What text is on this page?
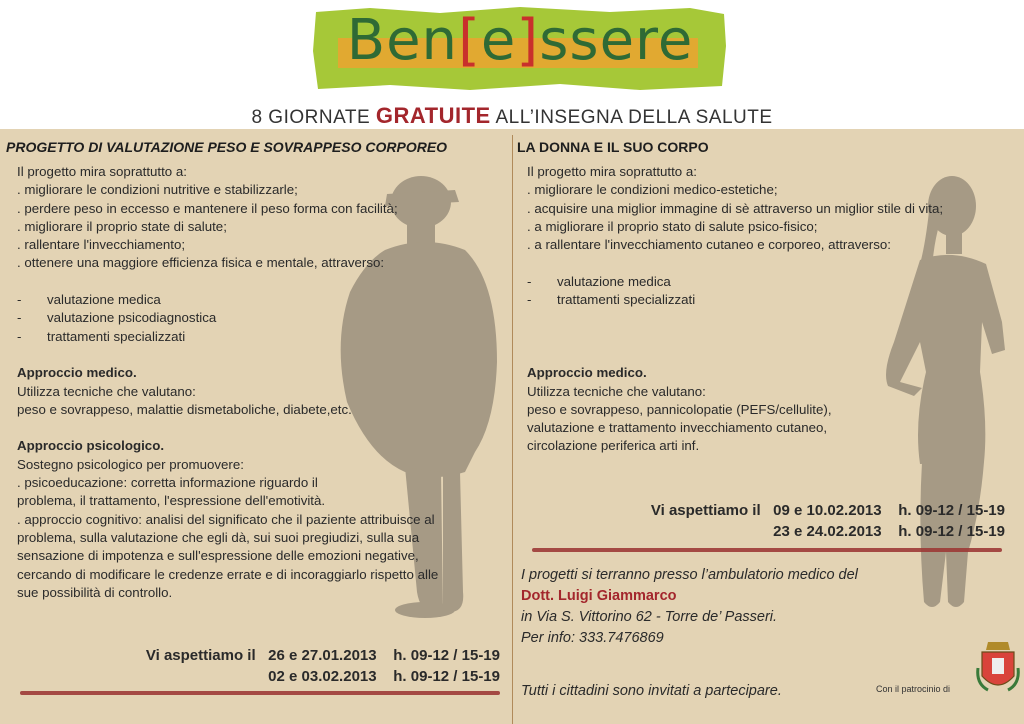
Ben[e]ssere
8 GIORNATE GRATUITE ALL’INSEGNA DELLA SALUTE
PROGETTO DI VALUTAZIONE PESO E SOVRAPPESO CORPOREO
Il progetto mira soprattutto a:
. migliorare le condizioni nutritive e stabilizzarle;
. perdere peso in eccesso e mantenere il peso forma con facilità;
. migliorare il proprio state di salute;
. rallentare l'invecchiamento;
. ottenere una maggiore efficienza fisica e mentale, attraverso:
- valutazione medica
- valutazione psicodiagnostica
- trattamenti specializzati
Approccio medico.
Utilizza tecniche che valutano:
peso e sovrappeso, malattie dismetaboliche, diabete,etc.
Approccio psicologico.
Sostegno psicologico per promuovere:
. psicoeducazione: corretta informazione riguardo il
problema, il trattamento, l'espressione dell'emotività.
. approccio cognitivo: analisi del significato che il paziente attribuisce al
problema, sulla valutazione che egli dà, sui suoi pregiudizi, sulla sua
sensazione di impotenza e sull'espressione delle emozioni negative,
cercando di modificare le credenze errate e di incoraggiarlo rispetto alle
sue possibilità di controllo.
Vi aspettiamo il 26 e 27.01.2013 h. 09-12 / 15-19
02 e 03.02.2013 h. 09-12 / 15-19
LA DONNA E IL SUO CORPO
Il progetto mira soprattutto a:
. migliorare le condizioni medico-estetiche;
. acquisire una miglior immagine di sè attraverso un miglior stile di vita;
. a migliorare il proprio stato di salute psico-fisico;
. a rallentare l'invecchiamento cutaneo e corporeo, attraverso:
- valutazione medica
- trattamenti specializzati
Approccio medico.
Utilizza tecniche che valutano:
peso e sovrappeso, pannicolopatie (PEFS/cellulite),
valutazione e trattamento invecchiamento cutaneo,
circolazione periferica arti inf.
Vi aspettiamo il 09 e 10.02.2013 h. 09-12 / 15-19
23 e 24.02.2013 h. 09-12 / 15-19
I progetti si terranno presso l’ambulatorio medico del
Dott. Luigi Giammarco
in Via S. Vittorino 62 - Torre de’ Passeri.
Per info: 333.7476869
Tutti i cittadini sono invitati a partecipare.	Con il patrocinio di
